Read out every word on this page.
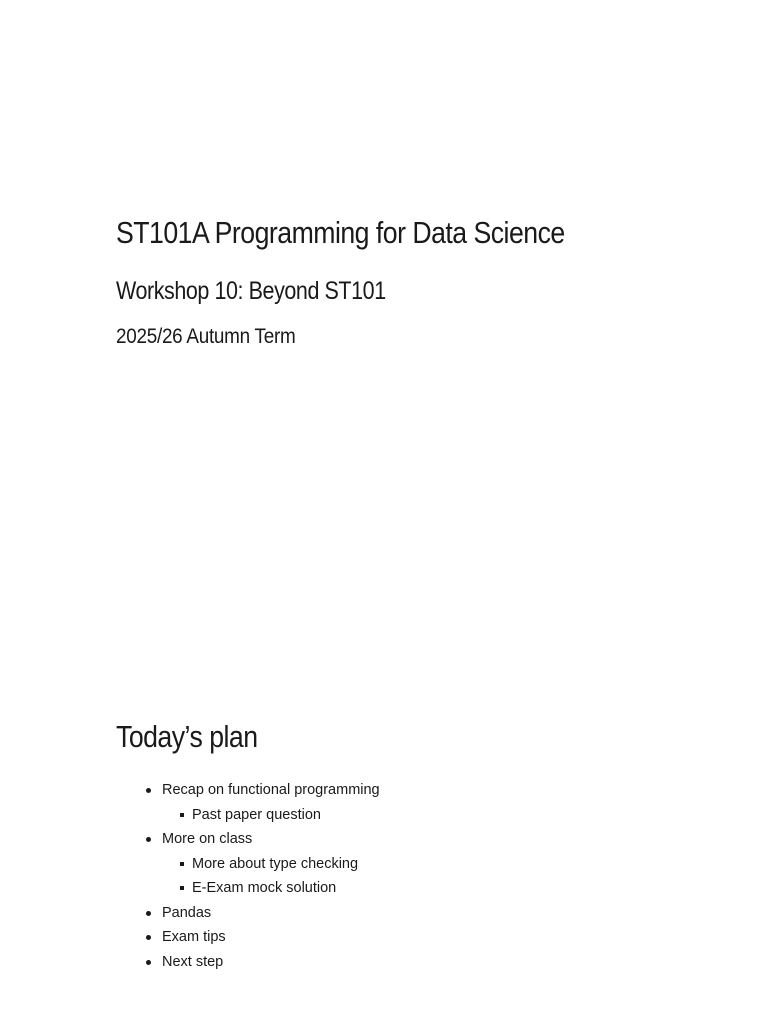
ST101A Programming for Data Science
Workshop 10: Beyond ST101
2025/26 Autumn Term
Today’s plan
Recap on functional programming
Past paper question
More on class
More about type checking
E-Exam mock solution
Pandas
Exam tips
Next step
